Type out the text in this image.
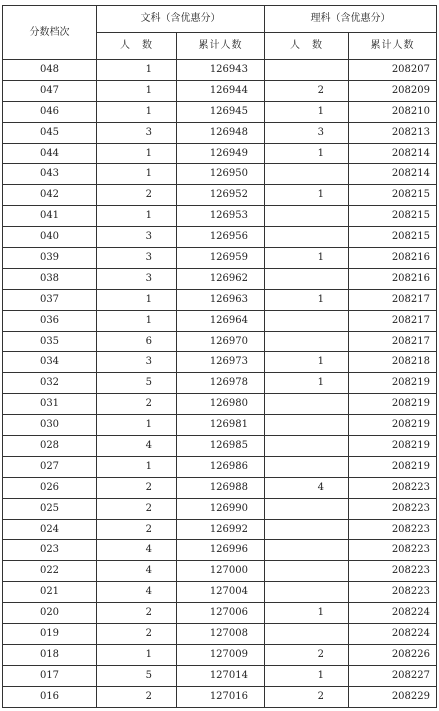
分数档次	文科（含优惠分）		理科（含优惠分）	
	人　数	累计人数	人　数	累计人数
048	1	126943		208207
047	1	126944	2	208209
046	1	126945	1	208210
045	3	126948	3	208213
044	1	126949	1	208214
043	1	126950		208214
042	2	126952	1	208215
041	1	126953		208215
040	3	126956		208215
039	3	126959	1	208216
038	3	126962		208216
037	1	126963	1	208217
036	1	126964		208217
035	6	126970		208217
034	3	126973	1	208218
032	5	126978	1	208219
031	2	126980		208219
030	1	126981		208219
028	4	126985		208219
027	1	126986		208219
026	2	126988	4	208223
025	2	126990		208223
024	2	126992		208223
023	4	126996		208223
022	4	127000		208223
021	4	127004		208223
020	2	127006	1	208224
019	2	127008		208224
018	1	127009	2	208226
017	5	127014	1	208227
016	2	127016	2	208229
